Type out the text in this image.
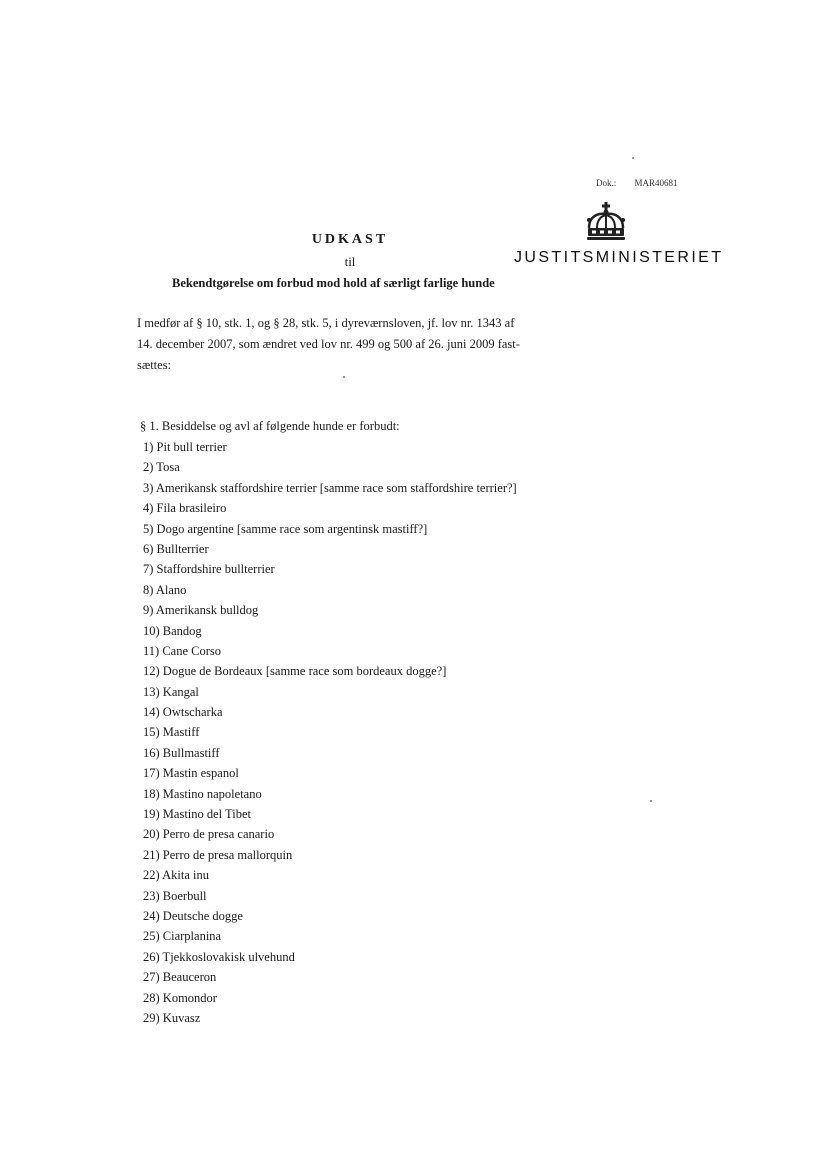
Dok.: MAR40681
JUSTITSMINISTERIET
UDKAST
til
Bekendtgørelse om forbud mod hold af særligt farlige hunde
I medfør af § 10, stk. 1, og § 28, stk. 5, i dyreværnsloven, jf. lov nr. 1343 af
14. december 2007, som ændret ved lov nr. 499 og 500 af 26. juni 2009 fast-
sættes:
§ 1. Besiddelse og avl af følgende hunde er forbudt:
1) Pit bull terrier
2) Tosa
3) Amerikansk staffordshire terrier [samme race som staffordshire terrier?]
4) Fila brasileiro
5) Dogo argentine [samme race som argentinsk mastiff?]
6) Bullterrier
7) Staffordshire bullterrier
8) Alano
9) Amerikansk bulldog
10) Bandog
11) Cane Corso
12) Dogue de Bordeaux [samme race som bordeaux dogge?]
13) Kangal
14) Owtscharka
15) Mastiff
16) Bullmastiff
17) Mastin espanol
18) Mastino napoletano
19) Mastino del Tibet
20) Perro de presa canario
21) Perro de presa mallorquin
22) Akita inu
23) Boerbull
24) Deutsche dogge
25) Ciarplanina
26) Tjekkoslovakisk ulvehund
27) Beauceron
28) Komondor
29) Kuvasz
